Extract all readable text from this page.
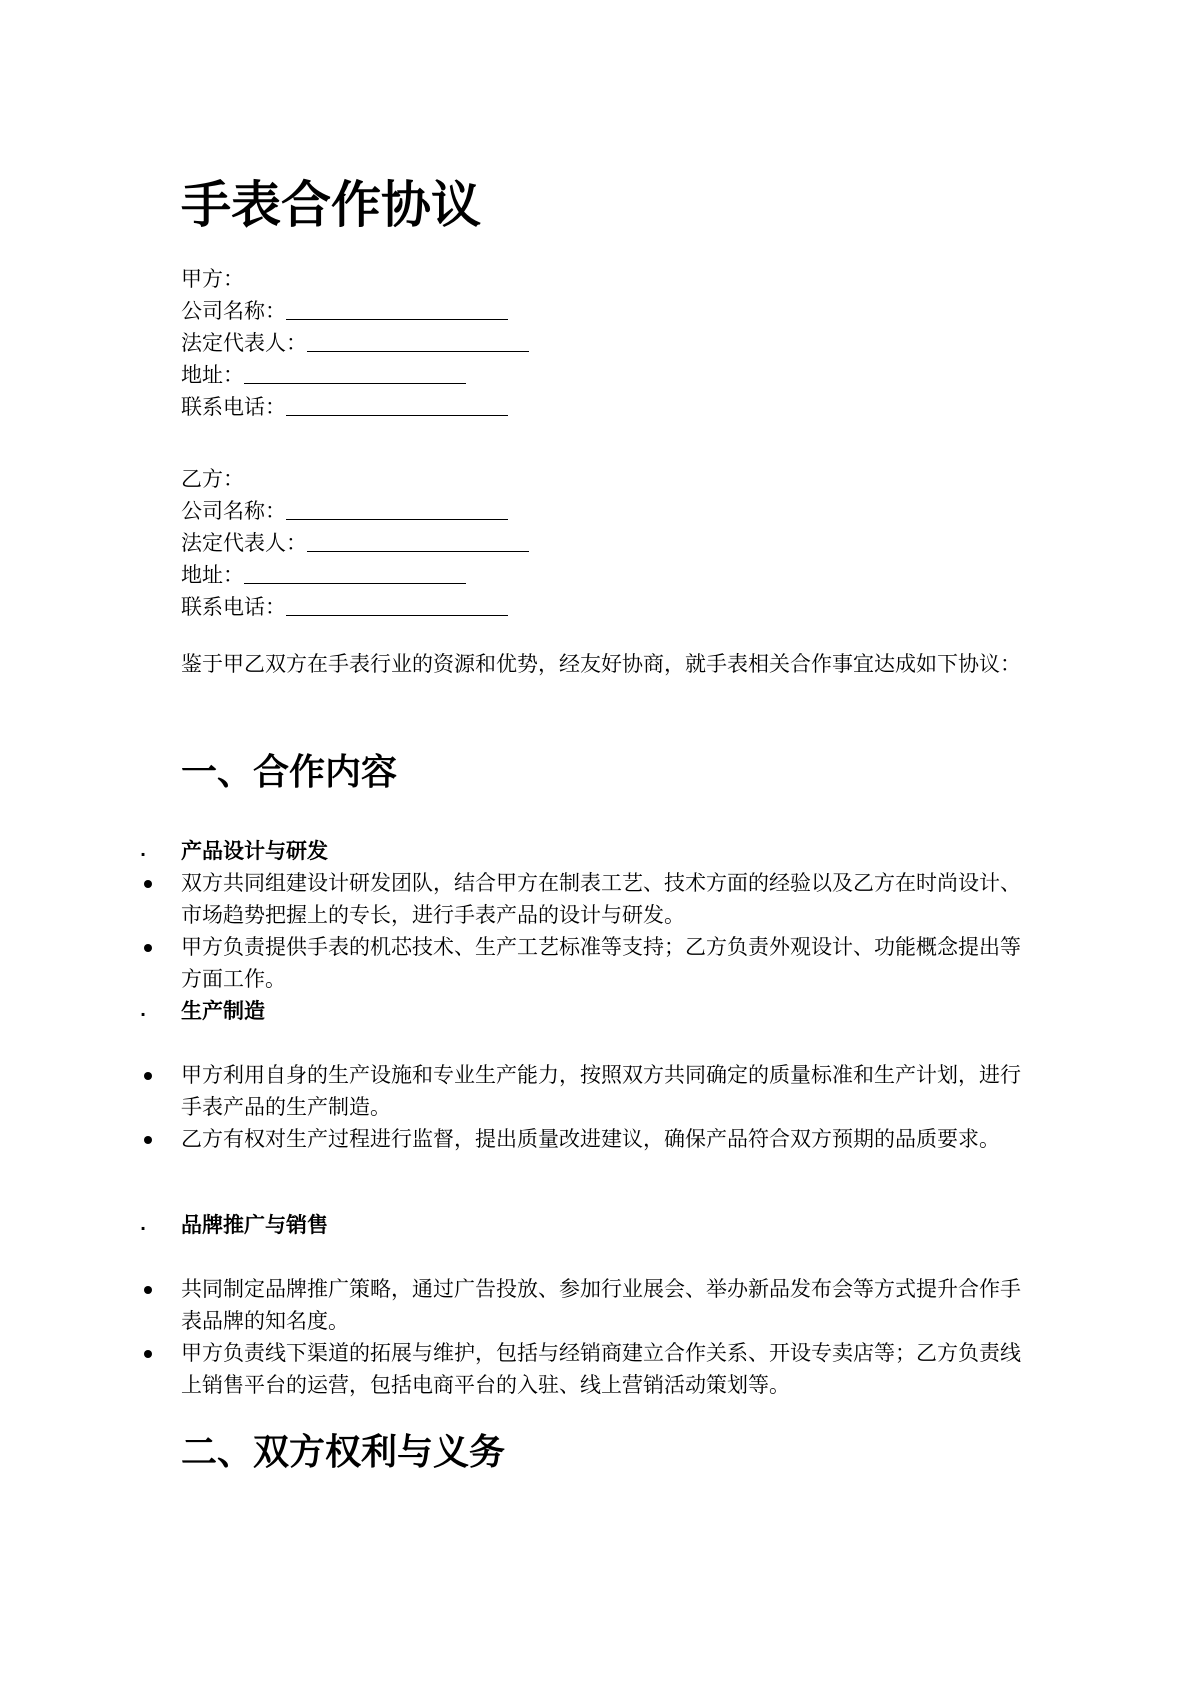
手表合作协议
甲方：
公司名称：
法定代表人：
地址：
联系电话：
乙方：
公司名称：
法定代表人：
地址：
联系电话：

鉴于甲乙双方在手表行业的资源和优势，经友好协商，就手表相关合作事宜达成如下协议：

一、合作内容
. 产品设计与研发
双方共同组建设计研发团队，结合甲方在制表工艺、技术方面的经验以及乙方在时尚设计、市场趋势把握上的专长，进行手表产品的设计与研发。
甲方负责提供手表的机芯技术、生产工艺标准等支持；乙方负责外观设计、功能概念提出等方面工作。
. 生产制造
甲方利用自身的生产设施和专业生产能力，按照双方共同确定的质量标准和生产计划，进行手表产品的生产制造。
乙方有权对生产过程进行监督，提出质量改进建议，确保产品符合双方预期的品质要求。
. 品牌推广与销售
共同制定品牌推广策略，通过广告投放、参加行业展会、举办新品发布会等方式提升合作手表品牌的知名度。
甲方负责线下渠道的拓展与维护，包括与经销商建立合作关系、开设专卖店等；乙方负责线上销售平台的运营，包括电商平台的入驻、线上营销活动策划等。
二、双方权利与义务
